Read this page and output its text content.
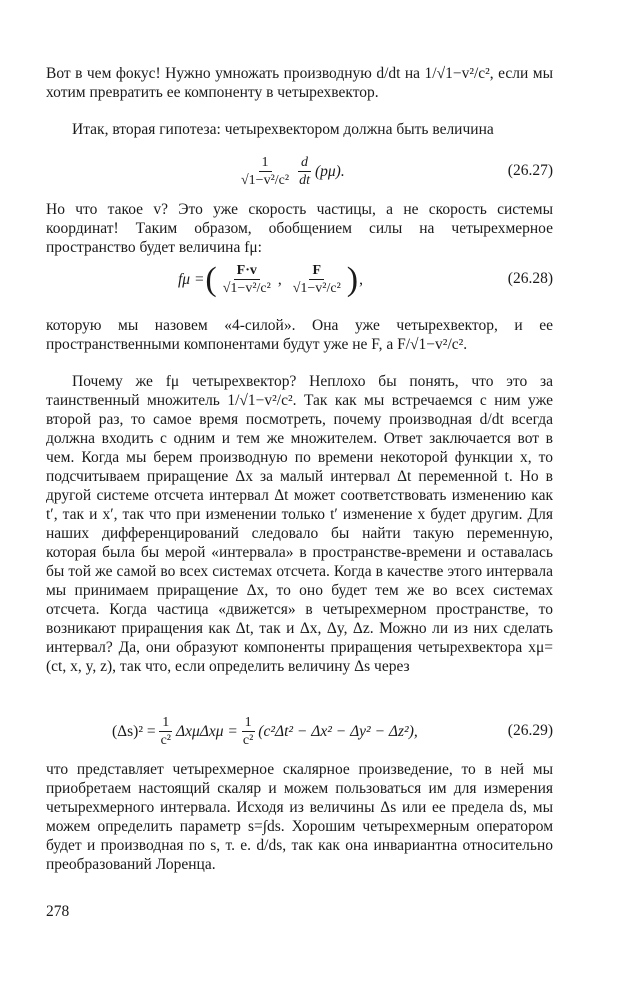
Вот в чем фокус! Нужно умножать производную d/dt на 1/√1−v²/c², если мы хотим превратить ее компоненту в четырехвектор.
Итак, вторая гипотеза: четырехвектором должна быть величина
$\frac{1}{\text{√1−v²/c²}} \frac{d}{dt} (p\mu)$.	(26.27)
Но что такое v? Это уже скорость частицы, а не скорость системы координат! Таким образом, обобщением силы на четырехмерное пространство будет величина fμ:
fμ = ( $\frac{F\cdot v}{\text{√1−v²/c²}}$ , $\frac{F}{\text{√1−v²/c²}}$ ) ,	(26.28)
которую мы назовем «4-силой». Она уже четырехвектор, и ее пространственными компонентами будут уже не F, а F/√1−v²/c².
Почему же fμ четырехвектор? Неплохо бы понять, что это за таинственный множитель 1/√1−v²/c². Так как мы встречаемся с ним уже второй раз, то самое время посмотреть, почему производная d/dt всегда должна входить с одним и тем же множителем. Ответ заключается вот в чем. Когда мы берем производную по времени некоторой функции x, то подсчитываем приращение Δx за малый интервал Δt переменной t. Но в другой системе отсчета интервал Δt может соответствовать изменению как t′, так и x′, так что при изменении только t′ изменение x будет другим. Для наших дифференцирований следовало бы найти такую переменную, которая была бы мерой «интервала» в пространстве-времени и оставалась бы той же самой во всех системах отсчета. Когда в качестве этого интервала мы принимаем приращение Δx, то оно будет тем же во всех системах отсчета. Когда частица «движется» в четырехмерном пространстве, то возникают приращения как Δt, так и Δx, Δy, Δz. Можно ли из них сделать интервал? Да, они образуют компоненты приращения четырехвектора xμ=(ct, x, y, z), так что, если определить величину Δs через
$(\Delta s)^2 = \frac{1}{\text{c²}}$ $\Delta x\mu\Delta x\mu = \frac{1}{\text{c²}} (c^2\Delta t^2 - \Delta x^2 - \Delta y^2 - \Delta z^2)$,	(26.29)
что представляет четырехмерное скалярное произведение, то в ней мы приобретаем настоящий скаляр и можем пользоваться им для измерения четырехмерного интервала. Исходя из величины Δs или ее предела ds, мы можем определить параметр s=∫ds. Хорошим четырехмерным оператором будет и производная по s, т. е. d/ds, так как она инвариантна относительно преобразований Лоренца.
278
